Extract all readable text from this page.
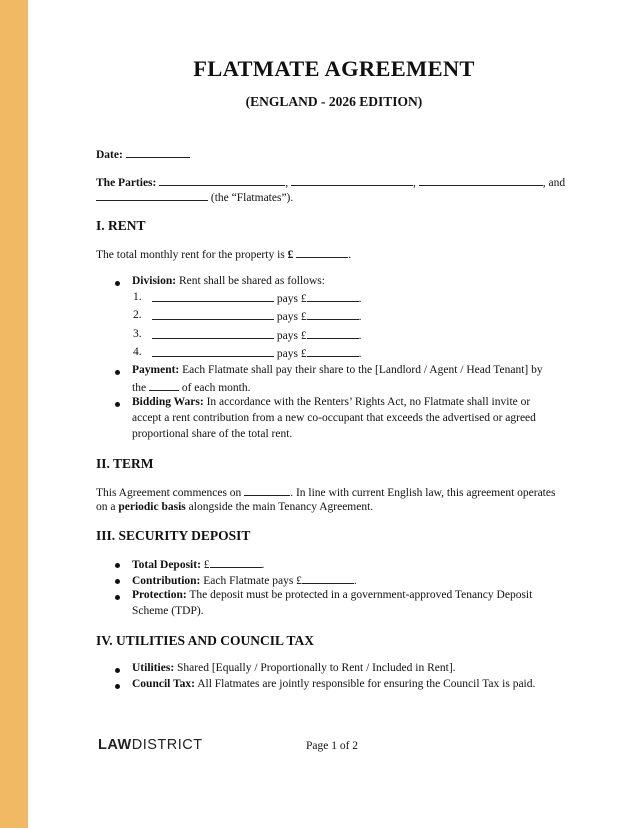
FLATMATE AGREEMENT
(ENGLAND - 2026 EDITION)
Date:
The Parties:	,	,	, and
(the “Flatmates”).
I. RENT
The total monthly rent for the property is £	.
Division: Rent shall be shared as follows:
1.	pays £	.
2.	pays £	.
3.	pays £	.
4.	pays £	.
Payment: Each Flatmate shall pay their share to the [Landlord / Agent / Head Tenant] by
the	of each month.
Bidding Wars: In accordance with the Renters’ Rights Act, no Flatmate shall invite or
accept a rent contribution from a new co-occupant that exceeds the advertised or agreed
proportional share of the total rent.
II. TERM
This Agreement commences on	. In line with current English law, this agreement operates
on a periodic basis alongside the main Tenancy Agreement.
III. SECURITY DEPOSIT
Total Deposit: £	.
Contribution: Each Flatmate pays £	.
Protection: The deposit must be protected in a government-approved Tenancy Deposit
Scheme (TDP).
IV. UTILITIES AND COUNCIL TAX
Utilities: Shared [Equally / Proportionally to Rent / Included in Rent].
Council Tax: All Flatmates are jointly responsible for ensuring the Council Tax is paid.
LAWDISTRICT	Page 1 of 2
